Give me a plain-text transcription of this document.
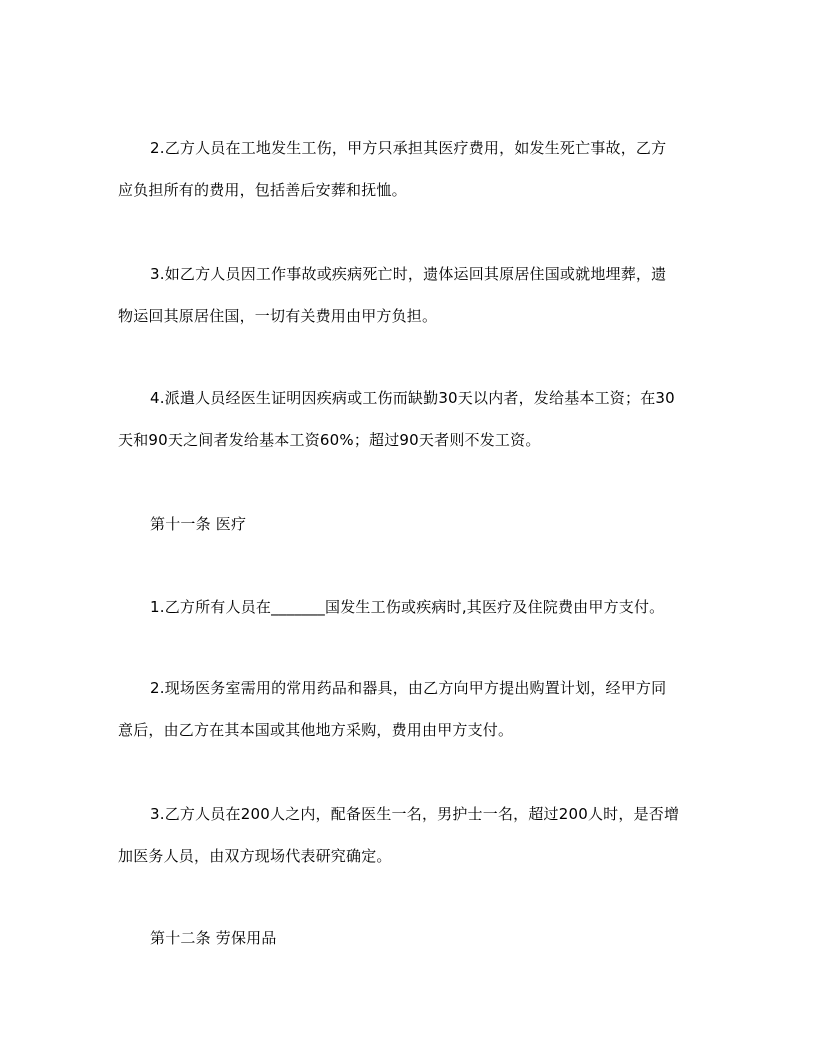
2.乙方人员在工地发生工伤，甲方只承担其医疗费用，如发生死亡事故，乙方
应负担所有的费用，包括善后安葬和抚恤。
3.如乙方人员因工作事故或疾病死亡时，遗体运回其原居住国或就地埋葬，遗
物运回其原居住国，一切有关费用由甲方负担。
4.派遣人员经医生证明因疾病或工伤而缺勤30天以内者，发给基本工资；在30
天和90天之间者发给基本工资60%；超过90天者则不发工资。
第十一条 医疗
1.乙方所有人员在_______国发生工伤或疾病时,其医疗及住院费由甲方支付。
2.现场医务室需用的常用药品和器具，由乙方向甲方提出购置计划，经甲方同
意后，由乙方在其本国或其他地方采购，费用由甲方支付。
3.乙方人员在200人之内，配备医生一名，男护士一名，超过200人时，是否增
加医务人员，由双方现场代表研究确定。
第十二条 劳保用品
